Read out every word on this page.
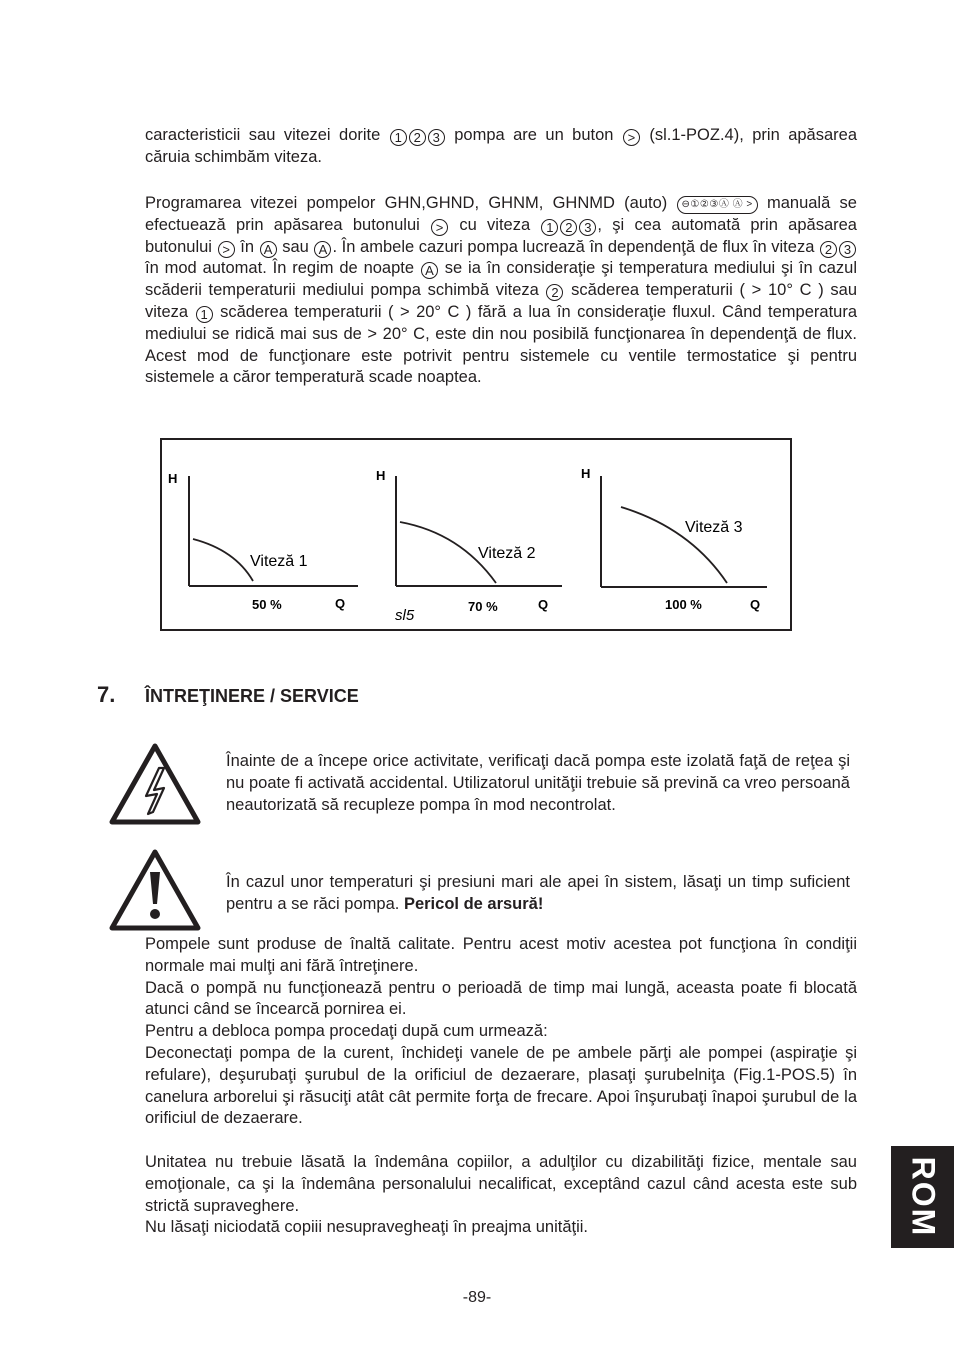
caracteristicii sau vitezei dorite 1 2 3 pompa are un buton > (sl.1-POZ.4), prin apăsarea căruia schimbăm viteza.

Programarea vitezei pompelor GHN,GHND, GHNM, GHNMD (auto) ⊖①②③Ⓐ Ⓐ > manuală se efectuează prin apăsarea butonului > cu viteza 1 2 3 , şi cea automată prin apăsarea butonului > în A sau A . În ambele cazuri pompa lucrează în dependenţă de flux în viteza 2 3 în mod automat. În regim de noapte A se ia în consideraţie şi temperatura mediului şi în cazul scăderii temperaturii mediului pompa schimbă viteza 2 scăderea temperaturii ( > 10° C ) sau viteza 1 scăderea temperaturii ( > 20° C ) fără a lua în consideraţie fluxul. Când temperatura mediului se ridică mai sus de > 20° C, este din nou posibilă funcţionarea în dependenţă de flux. Acest mod de funcţionare este potrivit pentru sistemele cu ventile termostatice şi pentru sistemele a căror temperatură scade noaptea.

H
Viteză 1
50 %	Q
H
Viteză 2
70 %	Q
sl5
H
Viteză 3
100 %	Q
7. ÎNTREŢINERE / SERVICE

Înainte de a începe orice activitate, verificaţi dacă pompa este izolată faţă de reţea şi nu poate fi activată accidental. Utilizatorul unităţii trebuie să prevină ca vreo persoană neautorizată să recupleze pompa în mod necontrolat.

În cazul unor temperaturi şi presiuni mari ale apei în sistem, lăsaţi un timp suficient pentru a se răci pompa. Pericol de arsură!

Pompele sunt produse de înaltă calitate. Pentru acest motiv acestea pot funcţiona în condiţii normale mai mulţi ani fără întreţinere.
Dacă o pompă nu funcţionează pentru o perioadă de timp mai lungă, aceasta poate fi blocată atunci când se încearcă pornirea ei.
Pentru a debloca pompa procedaţi după cum urmează:
Deconectaţi pompa de la curent, închideţi vanele de pe ambele părţi ale pompei (aspiraţie şi refulare), deşurubaţi şurubul de la orificiul de dezaerare, plasaţi şurubelniţa (Fig.1-POS.5) în canelura arborelui şi răsuciţi atât cât permite forţa de frecare. Apoi înşurubaţi înapoi şurubul de la orificiul de dezaerare.
Unitatea nu trebuie lăsată la îndemâna copiilor, a adulţilor cu dizabilităţi fizice, mentale sau emoţionale, ca şi la îndemâna personalului necalificat, exceptând cazul când acesta este sub strictă supraveghere.
Nu lăsaţi niciodată copiii nesupravegheaţi în preajma unităţii.	ROM
-89-
